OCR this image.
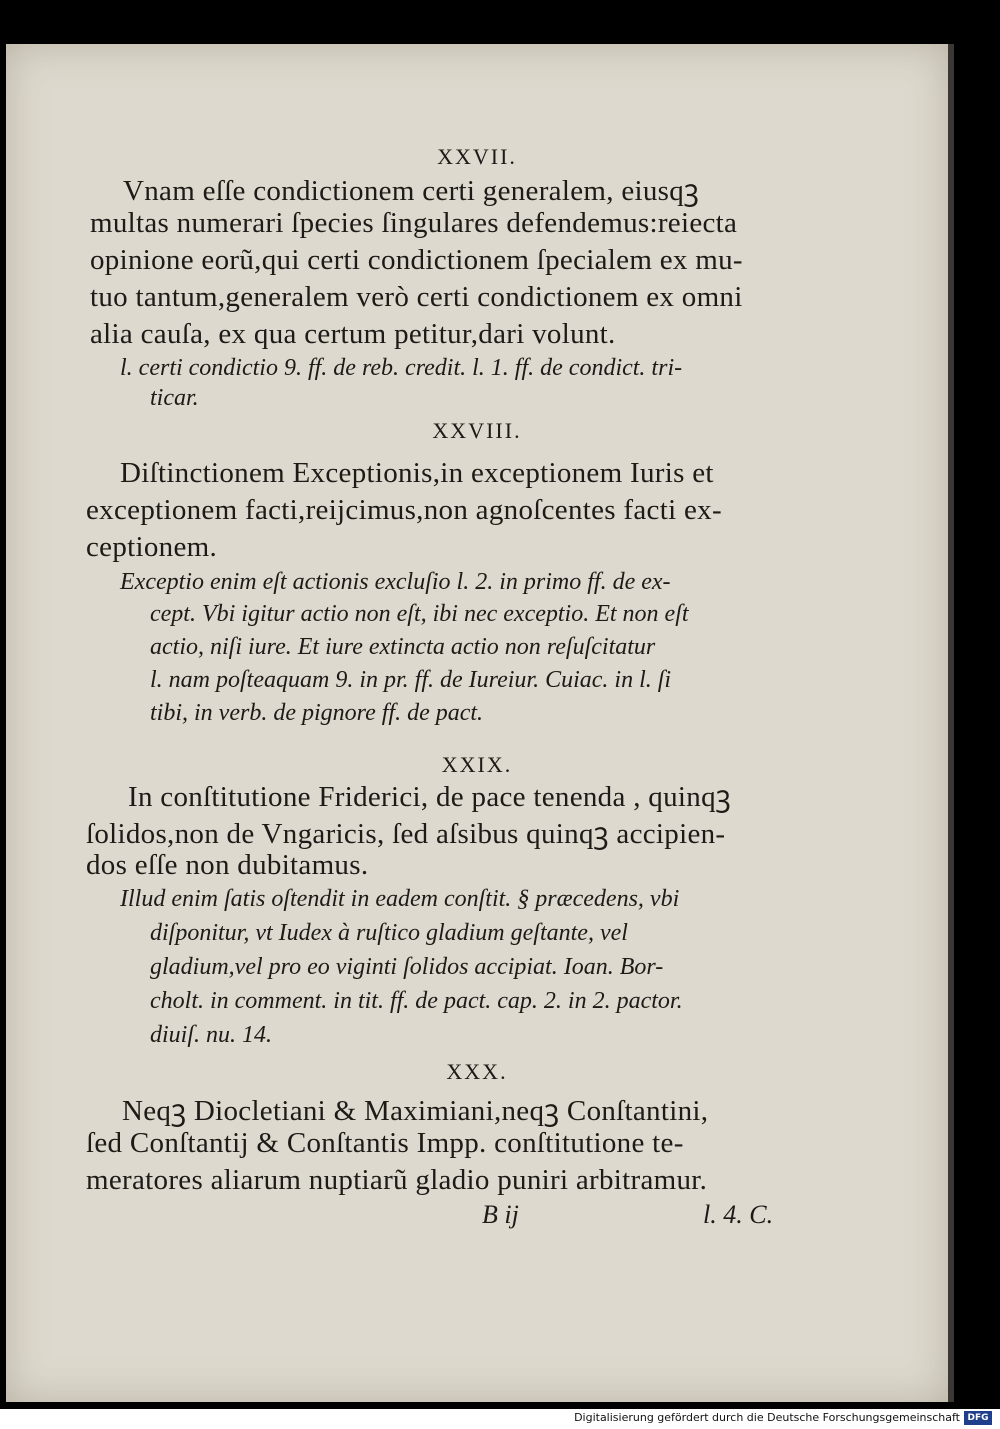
XXVII.
Vnam eſſe condictionem certi generalem, eiusqꝫ
multas numerari ſpecies ſingulares defendemus:reiecta
opinione eorũ,qui certi condictionem ſpecialem ex mu-
tuo tantum,generalem verò certi condictionem ex omni
alia cauſa, ex qua certum petitur,dari volunt.
l. certi condictio 9. ff. de reb. credit. l. 1. ff. de condict. tri-
ticar.
XXVIII.
Diſtinctionem Exceptionis,in exceptionem Iuris et
exceptionem facti,reijcimus,non agnoſcentes facti ex-
ceptionem.
Exceptio enim eſt actionis excluſio l. 2. in primo ff. de ex-
cept. Vbi igitur actio non eſt, ibi nec exceptio. Et non eſt
actio, niſi iure. Et iure extincta actio non reſuſcitatur
l. nam poſteaquam 9. in pr. ff. de Iureiur. Cuiac. in l. ſi
tibi, in verb. de pignore ff. de pact.
XXIX.
In conſtitutione Friderici, de pace tenenda , quinqꝫ
ſolidos,non de Vngaricis, ſed aſsibus quinqꝫ accipien-
dos eſſe non dubitamus.
Illud enim ſatis oſtendit in eadem conſtit. § præcedens, vbi
diſponitur, vt Iudex à ruſtico gladium geſtante, vel
gladium,vel pro eo viginti ſolidos accipiat. Ioan. Bor-
cholt. in comment. in tit. ff. de pact. cap. 2. in 2. pactor.
diuiſ. nu. 14.
XXX.
Neqꝫ Diocletiani & Maximiani,neqꝫ Conſtantini,
ſed Conſtantij & Conſtantis Impp. conſtitutione te-
meratores aliarum nuptiarũ gladio puniri arbitramur.
B ij	l. 4. C.
Digitalisierung gefördert durch die Deutsche Forschungsgemeinschaft DFG
